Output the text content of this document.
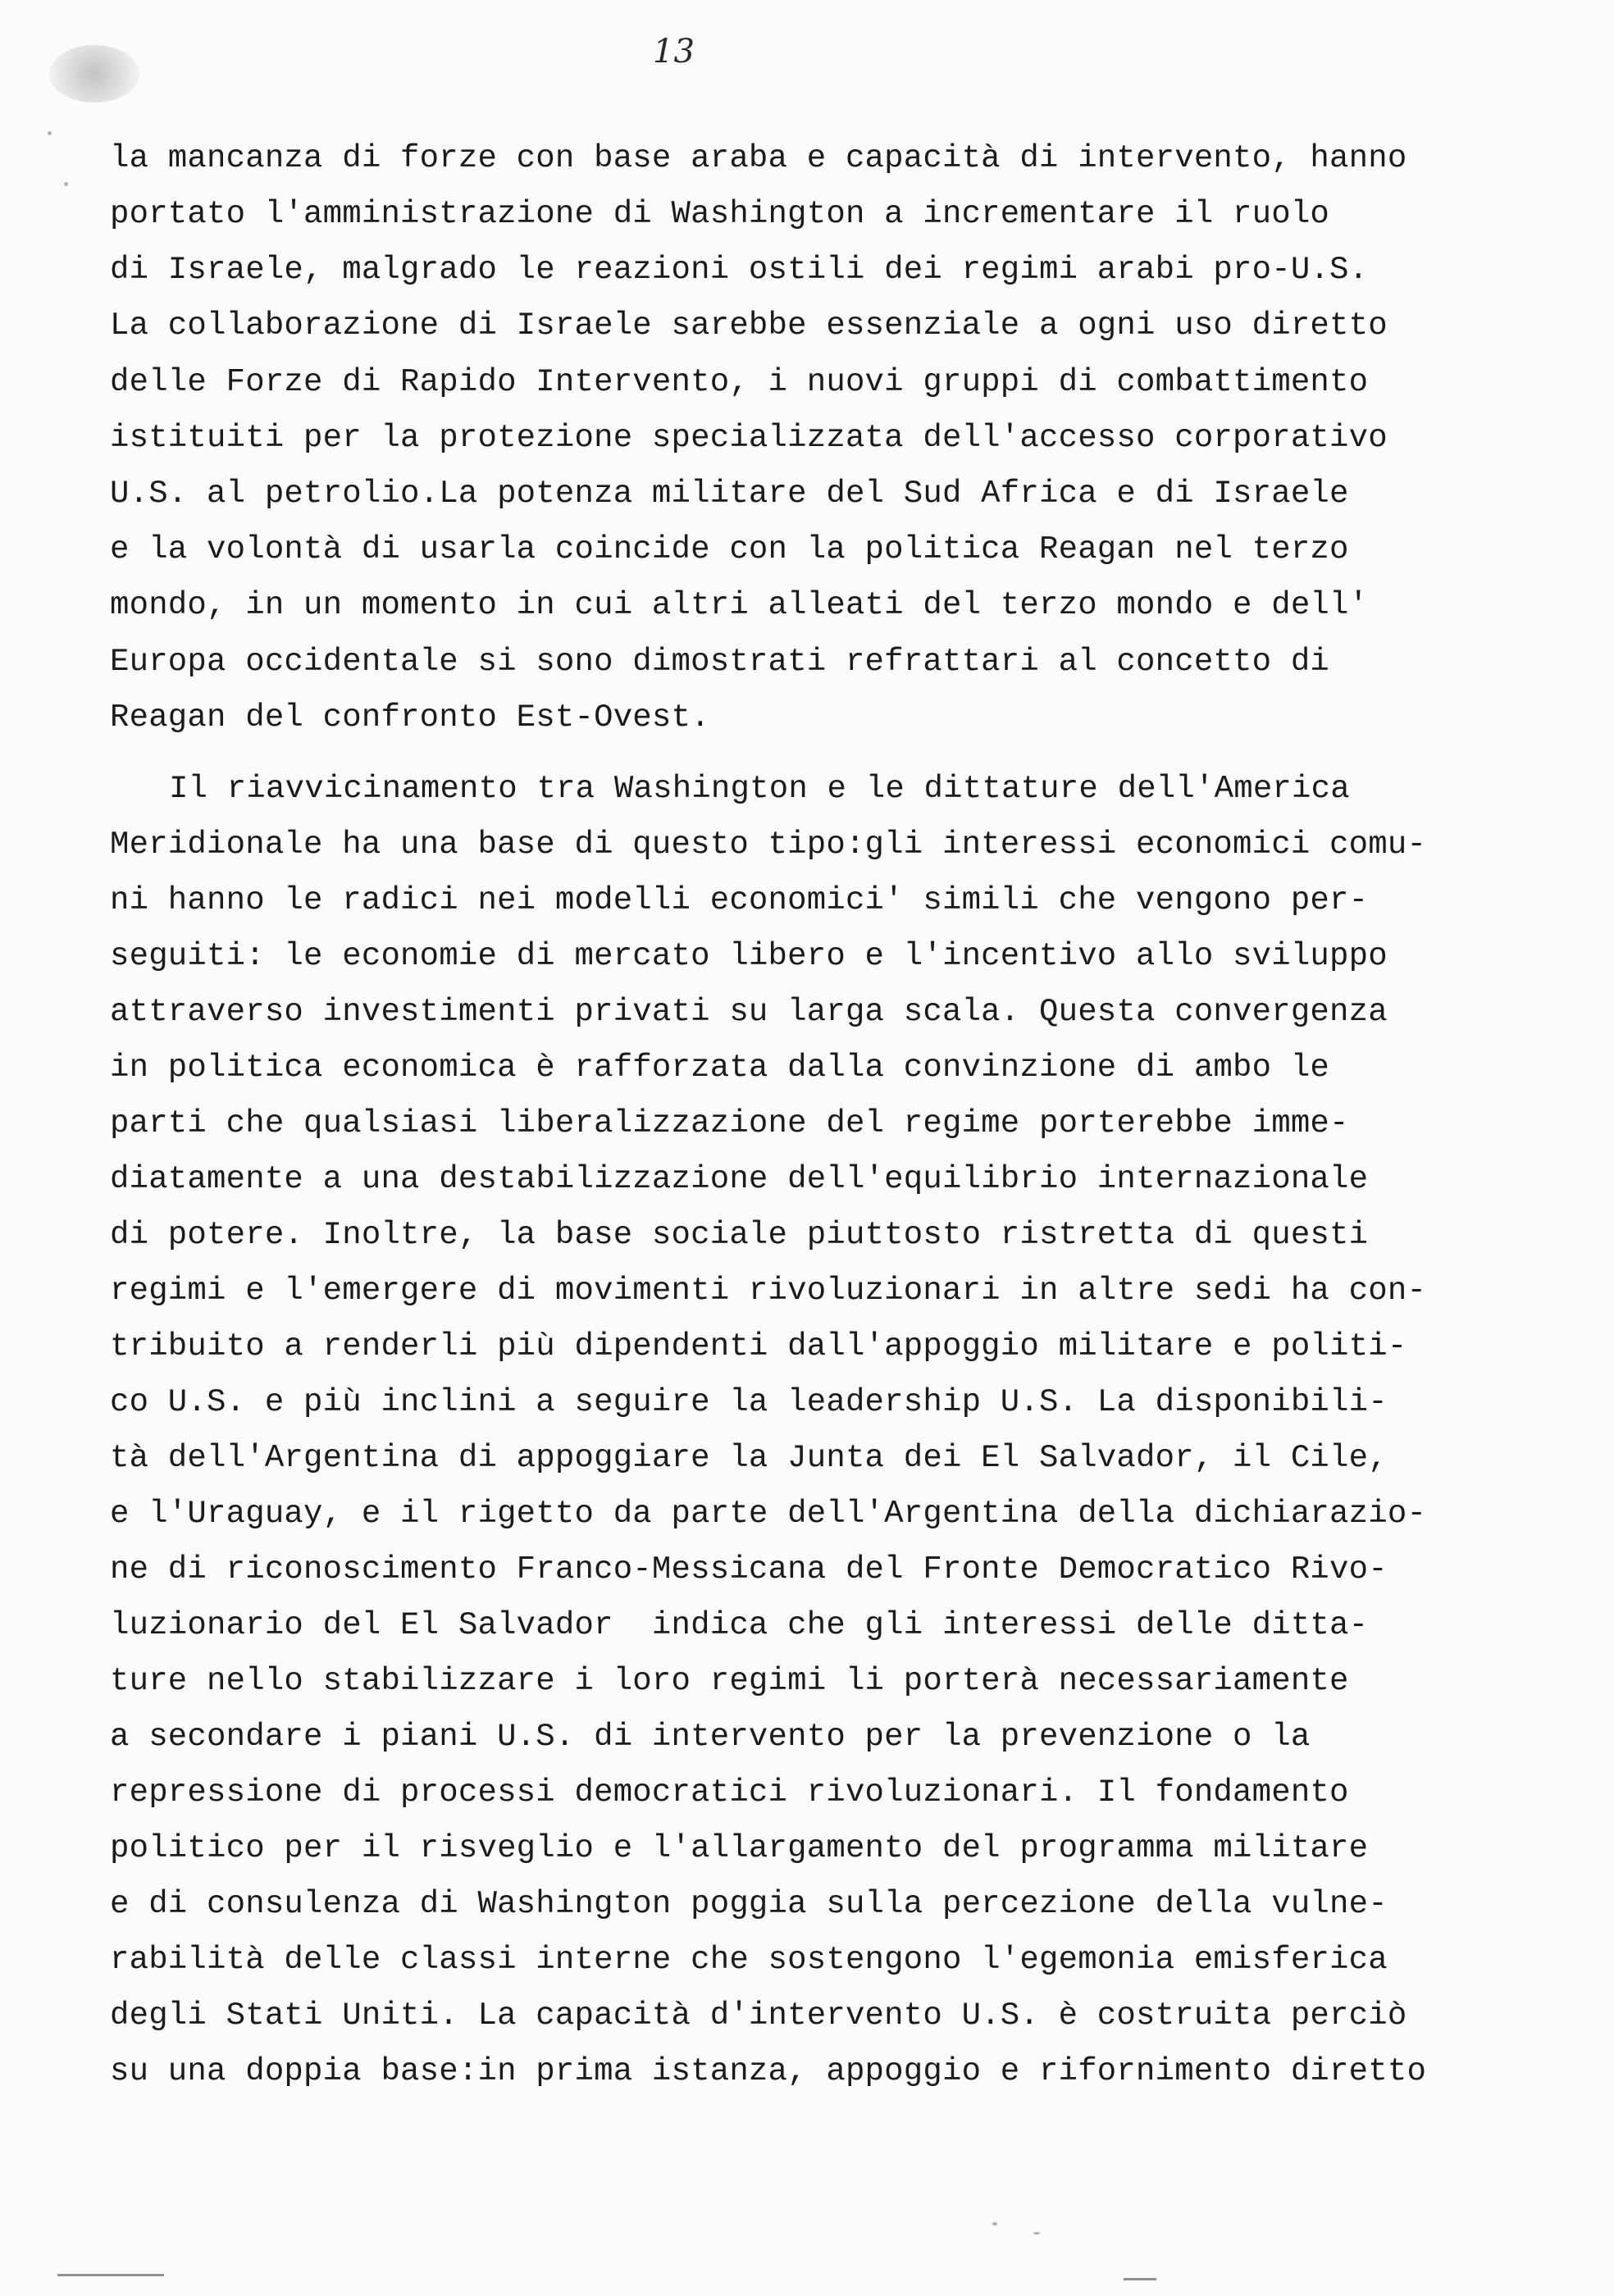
13
la mancanza di forze con base araba e capacità di intervento, hanno
portato l'amministrazione di Washington a incrementare il ruolo
di Israele, malgrado le reazioni ostili dei regimi arabi pro-U.S.
La collaborazione di Israele sarebbe essenziale a ogni uso diretto
delle Forze di Rapido Intervento, i nuovi gruppi di combattimento
istituiti per la protezione specializzata dell'accesso corporativo
U.S. al petrolio.La potenza militare del Sud Africa e di Israele
e la volontà di usarla coincide con la politica Reagan nel terzo
mondo, in un momento in cui altri alleati del terzo mondo e dell'
Europa occidentale si sono dimostrati refrattari al concetto di
Reagan del confronto Est-Ovest.
Il riavvicinamento tra Washington e le dittature dell'America
Meridionale ha una base di questo tipo:gli interessi economici comu-
ni hanno le radici nei modelli economici' simili che vengono per-
seguiti: le economie di mercato libero e l'incentivo allo sviluppo
attraverso investimenti privati su larga scala. Questa convergenza
in politica economica è rafforzata dalla convinzione di ambo le
parti che qualsiasi liberalizzazione del regime porterebbe imme-
diatamente a una destabilizzazione dell'equilibrio internazionale
di potere. Inoltre, la base sociale piuttosto ristretta di questi
regimi e l'emergere di movimenti rivoluzionari in altre sedi ha con-
tribuito a renderli più dipendenti dall'appoggio militare e politi-
co U.S. e più inclini a seguire la leadership U.S. La disponibili-
tà dell'Argentina di appoggiare la Junta dei El Salvador, il Cile,
e l'Uraguay, e il rigetto da parte dell'Argentina della dichiarazio-
ne di riconoscimento Franco-Messicana del Fronte Democratico Rivo-
luzionario del El Salvador  indica che gli interessi delle ditta-
ture nello stabilizzare i loro regimi li porterà necessariamente
a secondare i piani U.S. di intervento per la prevenzione o la
repressione di processi democratici rivoluzionari. Il fondamento
politico per il risveglio e l'allargamento del programma militare
e di consulenza di Washington poggia sulla percezione della vulne-
rabilità delle classi interne che sostengono l'egemonia emisferica
degli Stati Uniti. La capacità d'intervento U.S. è costruita perciò
su una doppia base:in prima istanza, appoggio e rifornimento diretto
